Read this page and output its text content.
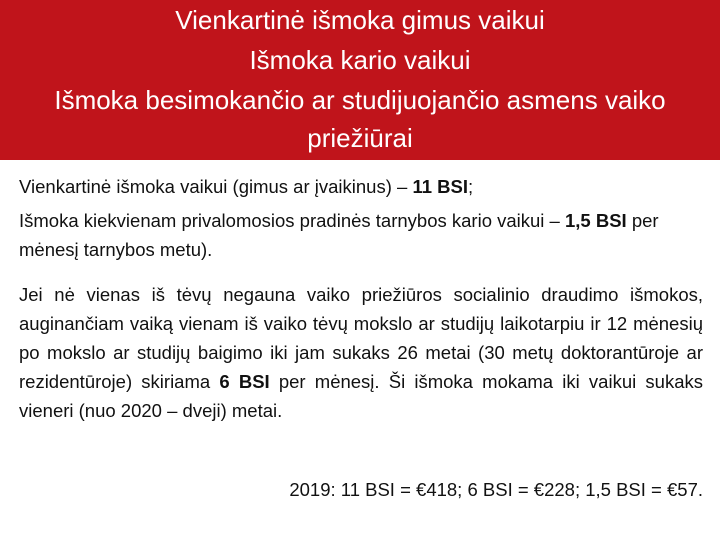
Vienkartinė išmoka gimus vaikui
Išmoka kario vaikui
Išmoka besimokančio ar studijuojančio asmens vaiko
priežiūrai
Vienkartinė išmoka vaikui (gimus ar įvaikinus) – 11 BSI;
Išmoka kiekvienam privalomosios pradinės tarnybos kario vaikui – 1,5 BSI per mėnesį tarnybos metu).
Jei nė vienas iš tėvų negauna vaiko priežiūros socialinio draudimo išmokos, auginančiam vaiką vienam iš vaiko tėvų mokslo ar studijų laikotarpiu ir 12 mėnesių po mokslo ar studijų baigimo iki jam sukaks 26 metai (30 metų doktorantūroje ar rezidentūroje) skiriama 6 BSI per mėnesį. Ši išmoka mokama iki vaikui sukaks vieneri (nuo 2020 – dveji) metai.
2019: 11 BSI = €418; 6 BSI = €228; 1,5 BSI = €57.
